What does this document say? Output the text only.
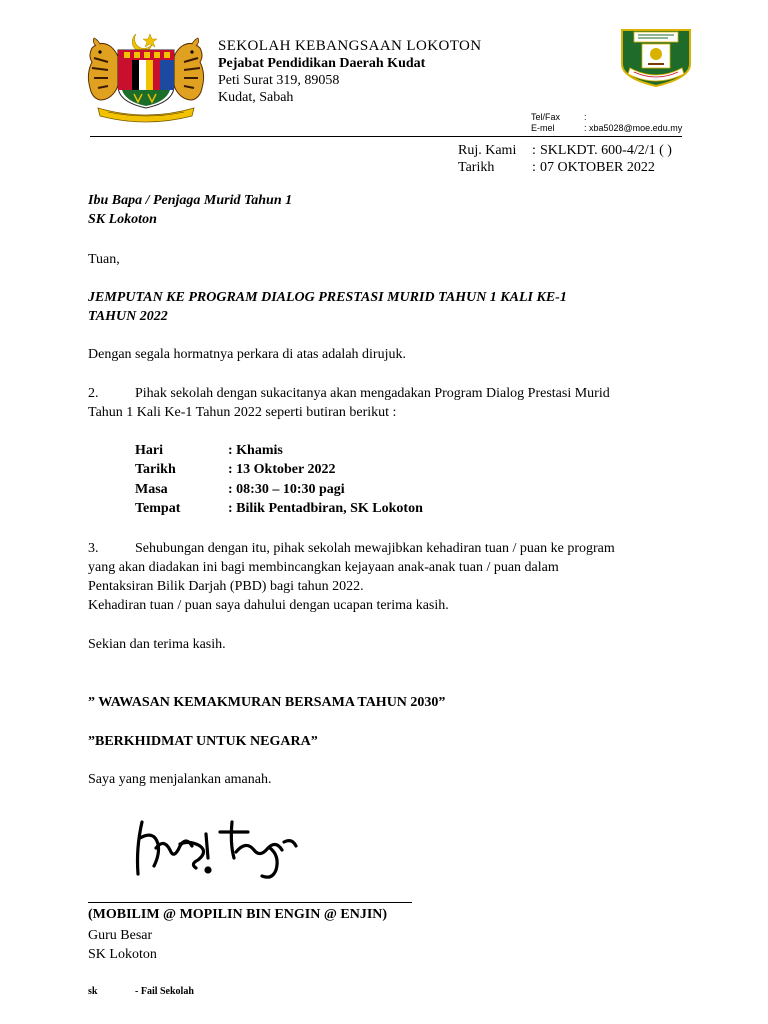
SEKOLAH KEBANGSAAN LOKOTON
Pejabat Pendidikan Daerah Kudat
Peti Surat 319, 89058
Kudat, Sabah
Tel/Fax	:
E-mel	: xba5028@moe.edu.my
Ruj. Kami : SKLKDT. 600-4/2/1 ( )
Tarikh	: 07 OKTOBER 2022
Ibu Bapa / Penjaga Murid Tahun 1
SK Lokoton
Tuan,
JEMPUTAN KE PROGRAM DIALOG PRESTASI MURID TAHUN 1 KALI KE-1
TAHUN 2022
Dengan segala hormatnya perkara di atas adalah dirujuk.
2.	Pihak sekolah dengan sukacitanya akan mengadakan Program Dialog Prestasi Murid
Tahun 1 Kali Ke-1 Tahun 2022 seperti butiran berikut :
Hari	: Khamis
Tarikh	: 13 Oktober 2022
Masa	: 08:30 – 10:30 pagi
Tempat	: Bilik Pentadbiran, SK Lokoton
3.	Sehubungan dengan itu, pihak sekolah mewajibkan kehadiran tuan / puan ke program
yang akan diadakan ini bagi membincangkan kejayaan anak-anak tuan / puan dalam
Pentaksiran Bilik Darjah (PBD) bagi tahun 2022.
Kehadiran tuan / puan saya dahului dengan ucapan terima kasih.
Sekian dan terima kasih.
” WAWASAN KEMAKMURAN BERSAMA TAHUN 2030”
”BERKHIDMAT UNTUK NEGARA”
Saya yang menjalankan amanah.
(MOBILIM @ MOPILIN BIN ENGIN @ ENJIN)
Guru Besar
SK Lokoton
sk	- Fail Sekolah
